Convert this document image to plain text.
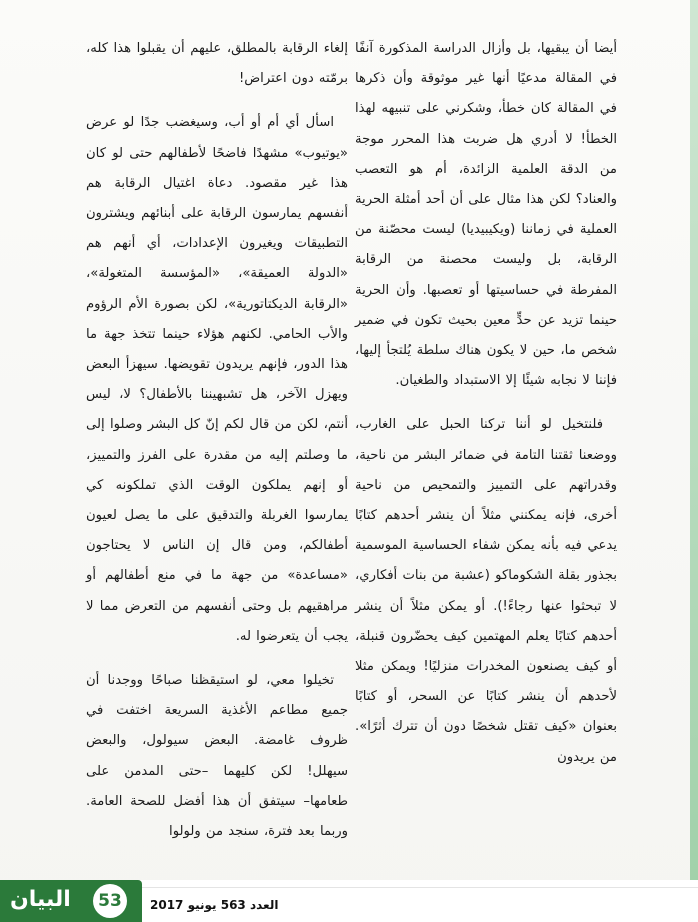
أيضا أن يبقيها، بل وأزال الدراسة المذكورة آنفًا في المقالة مدعيًا أنها غير موثوقة وأن ذكرها في المقالة كان خطأ، وشكرني على تنبيهه لهذا الخطأ! لا أدري هل ضربت هذا المحرر موجة من الدقة العلمية الزائدة، أم هو التعصب والعناد؟ لكن هذا مثال على أن أحد أمثلة الحرية العملية في زماننا (ويكيبيديا) ليست محصّنة من الرقابة، بل وليست محصنة من الرقابة المفرطة في حساسيتها أو تعصبها. وأن الحرية حينما تزيد عن حدٍّ معين بحيث تكون في ضمير شخص ما، حين لا يكون هناك سلطة يُلتجأ إليها، فإننا لا نجابه شيئًا إلا الاستبداد والطغيان.

فلنتخيل لو أننا تركنا الحبل على الغارب، ووضعنا ثقتنا التامة في ضمائر البشر من ناحية، وقدراتهم على التمييز والتمحيص من ناحية أخرى، فإنه يمكنني مثلاً أن ينشر أحدهم كتابًا يدعي فيه بأنه يمكن شفاء الحساسية الموسمية بجذور بقلة الشكوماكو (عشبة من بنات أفكاري، لا تبحثوا عنها رجاءً!). أو يمكن مثلاً أن ينشر أحدهم كتابًا يعلم المهتمين كيف يحضّرون قنبلة، أو كيف يصنعون المخدرات منزليًا! ويمكن مثلا لأحدهم أن ينشر كتابًا عن السحر، أو كتابًا بعنوان «كيف تقتل شخصًا دون أن تترك أثرًا». من يريدون

إلغاء الرقابة بالمطلق، عليهم أن يقبلوا هذا كله، برمّته دون اعتراض!

اسأل أي أم أو أب، وسيغضب جدًا لو عرض «يوتيوب» مشهدًا فاضحًا لأطفالهم حتى لو كان هذا غير مقصود. دعاة اغتيال الرقابة هم أنفسهم يمارسون الرقابة على أبنائهم ويشترون التطبيقات ويغيرون الإعدادات، أي أنهم هم «الدولة العميقة»، «المؤسسة المتغولة»، «الرقابة الديكتاتورية»، لكن بصورة الأم الرؤوم والأب الحامي. لكنهم هؤلاء حينما تتخذ جهة ما هذا الدور، فإنهم يريدون تقويضها. سيهزأ البعض ويهزل الآخر، هل تشبهيننا بالأطفال؟ لا، ليس أنتم، لكن من قال لكم إنّ كل البشر وصلوا إلى ما وصلتم إليه من مقدرة على الفرز والتمييز، أو إنهم يملكون الوقت الذي تملكونه كي يمارسوا الغربلة والتدقيق على ما يصل لعيون أطفالكم، ومن قال إن الناس لا يحتاجون «مساعدة» من جهة ما في منع أطفالهم أو مراهقيهم بل وحتى أنفسهم من التعرض مما لا يجب أن يتعرضوا له.

تخيلوا معي، لو استيقظنا صباحًا ووجدنا أن جميع مطاعم الأغذية السريعة اختفت في ظروف غامضة. البعض سيولول، والبعض سيهلل! لكن كليهما –حتى المدمن على طعامها– سيتفق أن هذا أفضل للصحة العامة. وربما بعد فترة، سنجد من ولولوا

البيان	53	العدد 563 يونيو 2017
